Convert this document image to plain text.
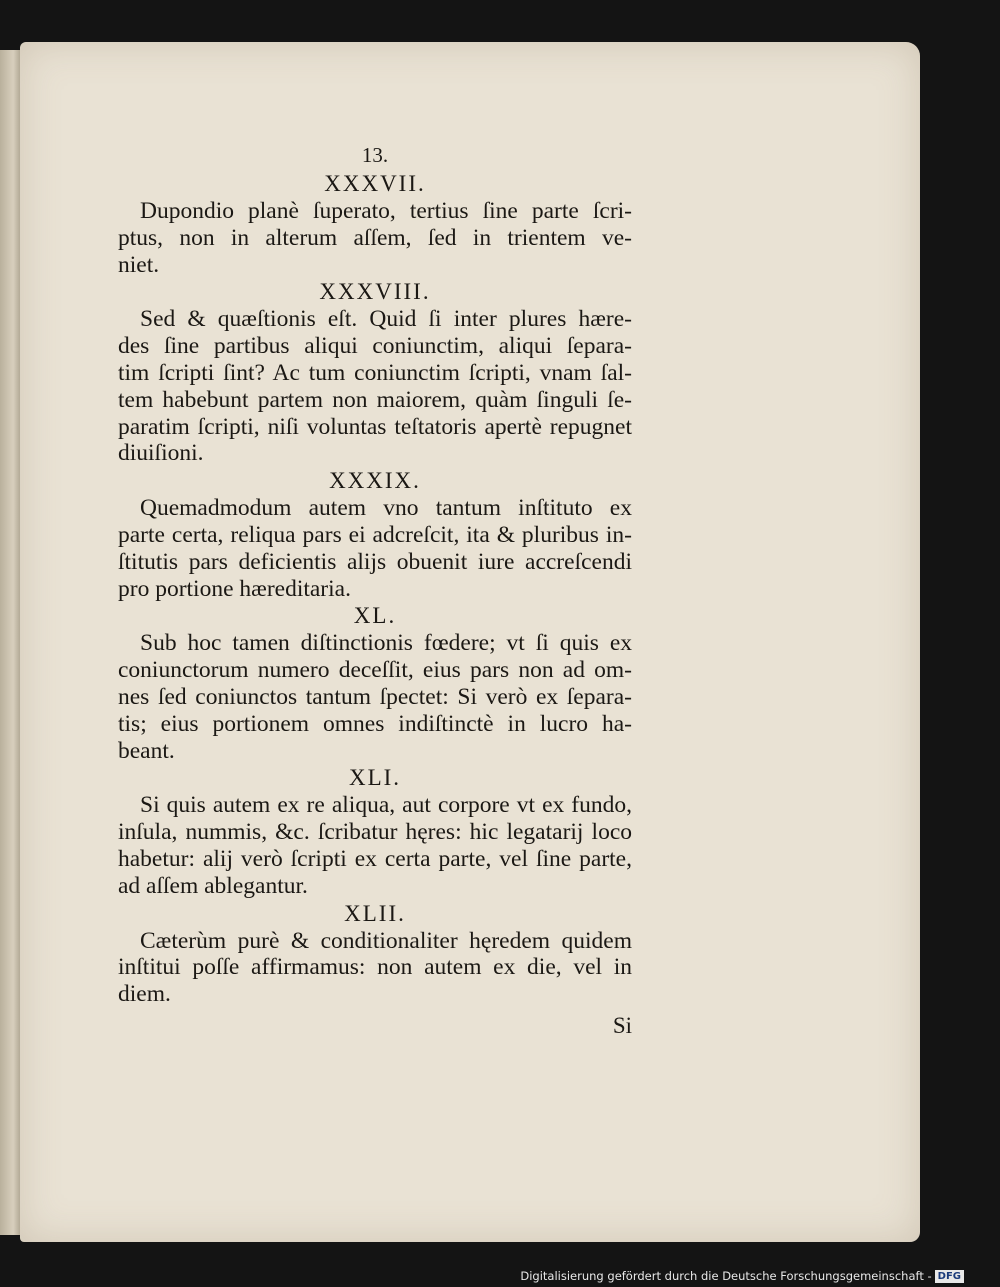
13.
XXXVII.
Dupondio planè ſuperato, tertius ſine parte ſcri-
ptus, non in alterum aſſem, ſed in trientem ve-
niet.
XXXVIII.
Sed & quæſtionis eſt. Quid ſi inter plures hære-
des ſine partibus aliqui coniunctim, aliqui ſepara-
tim ſcripti ſint? Ac tum coniunctim ſcripti, vnam ſal-
tem habebunt partem non maiorem, quàm ſinguli ſe-
paratim ſcripti, niſi voluntas teſtatoris apertè repugnet
diuiſioni.
XXXIX.
Quemadmodum autem vno tantum inſtituto ex
parte certa, reliqua pars ei adcreſcit, ita & pluribus in-
ſtitutis pars deficientis alijs obuenit iure accreſcendi
pro portione hæreditaria.
XL.
Sub hoc tamen diſtinctionis fœdere; vt ſi quis ex
coniunctorum numero deceſſit, eius pars non ad om-
nes ſed coniunctos tantum ſpectet: Si verò ex ſepara-
tis; eius portionem omnes indiſtinctè in lucro ha-
beant.
XLI.
Si quis autem ex re aliqua, aut corpore vt ex fundo,
inſula, nummis, &c. ſcribatur hęres: hic legatarij loco
habetur: alij verò ſcripti ex certa parte, vel ſine parte,
ad aſſem ablegantur.
XLII.
Cæterùm purè & conditionaliter hęredem quidem
inſtitui poſſe affirmamus: non autem ex die, vel in
diem.
Si
Digitalisierung gefördert durch die Deutsche Forschungsgemeinschaft - DFG
